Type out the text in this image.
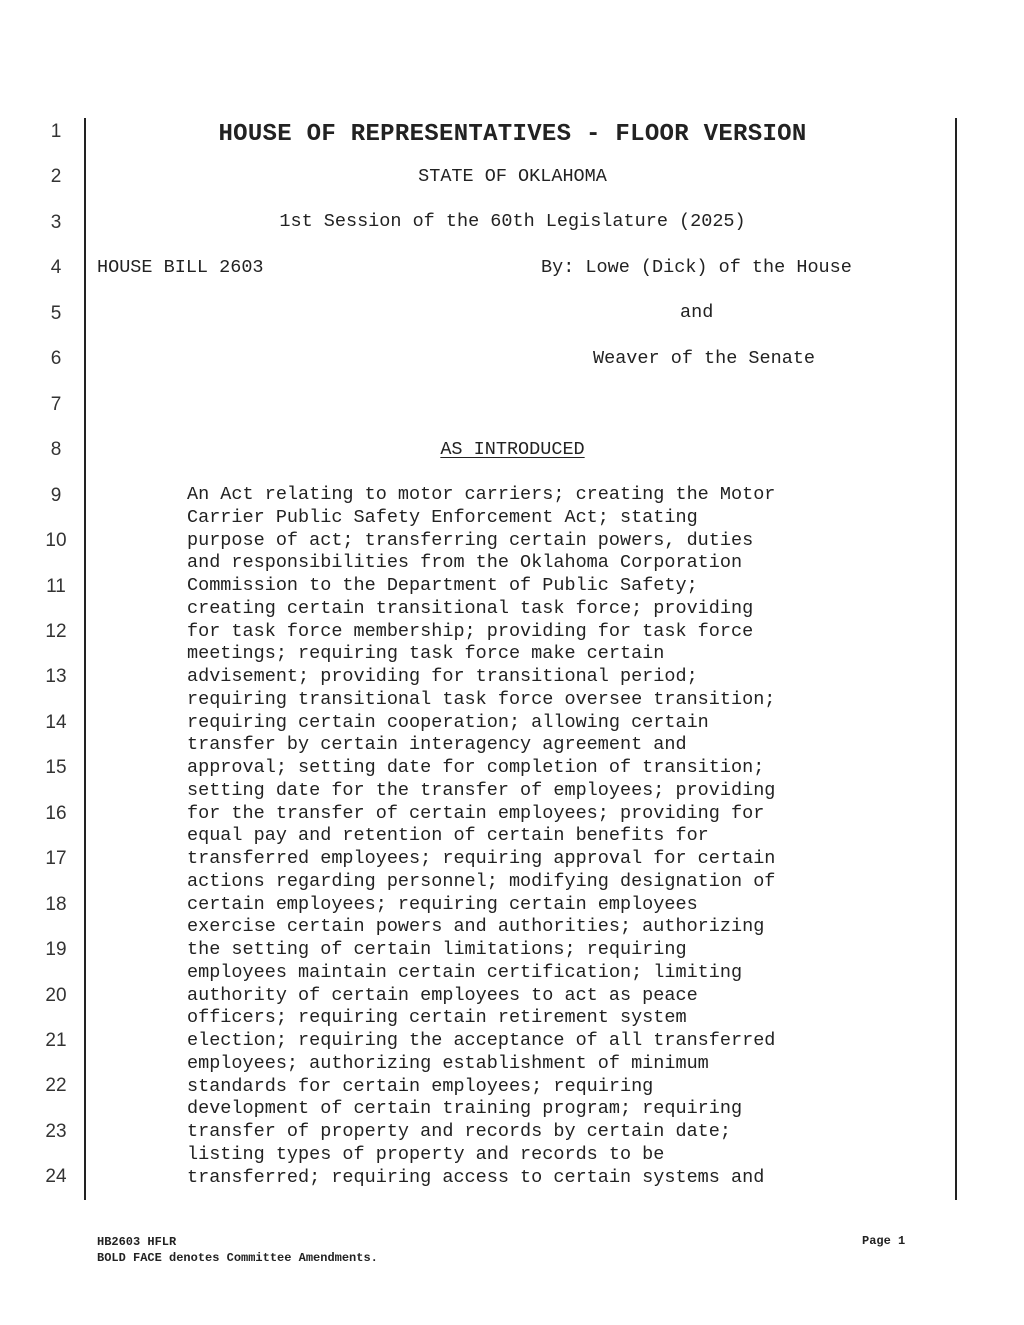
1
2
3
4
5
6
7
8
9
10
11
12
13
14
15
16
17
18
19
20
21
22
23
24
HOUSE OF REPRESENTATIVES - FLOOR VERSION
STATE OF OKLAHOMA
1st Session of the 60th Legislature (2025)
HOUSE BILL 2603	By: Lowe (Dick) of the House
and
Weaver of the Senate
AS INTRODUCED
An Act relating to motor carriers; creating the Motor
Carrier Public Safety Enforcement Act; stating
purpose of act; transferring certain powers, duties
and responsibilities from the Oklahoma Corporation
Commission to the Department of Public Safety;
creating certain transitional task force; providing
for task force membership; providing for task force
meetings; requiring task force make certain
advisement; providing for transitional period;
requiring transitional task force oversee transition;
requiring certain cooperation; allowing certain
transfer by certain interagency agreement and
approval; setting date for completion of transition;
setting date for the transfer of employees; providing
for the transfer of certain employees; providing for
equal pay and retention of certain benefits for
transferred employees; requiring approval for certain
actions regarding personnel; modifying designation of
certain employees; requiring certain employees
exercise certain powers and authorities; authorizing
the setting of certain limitations; requiring
employees maintain certain certification; limiting
authority of certain employees to act as peace
officers; requiring certain retirement system
election; requiring the acceptance of all transferred
employees; authorizing establishment of minimum
standards for certain employees; requiring
development of certain training program; requiring
transfer of property and records by certain date;
listing types of property and records to be
transferred; requiring access to certain systems and
HB2603 HFLR
BOLD FACE denotes Committee Amendments.
Page 1
